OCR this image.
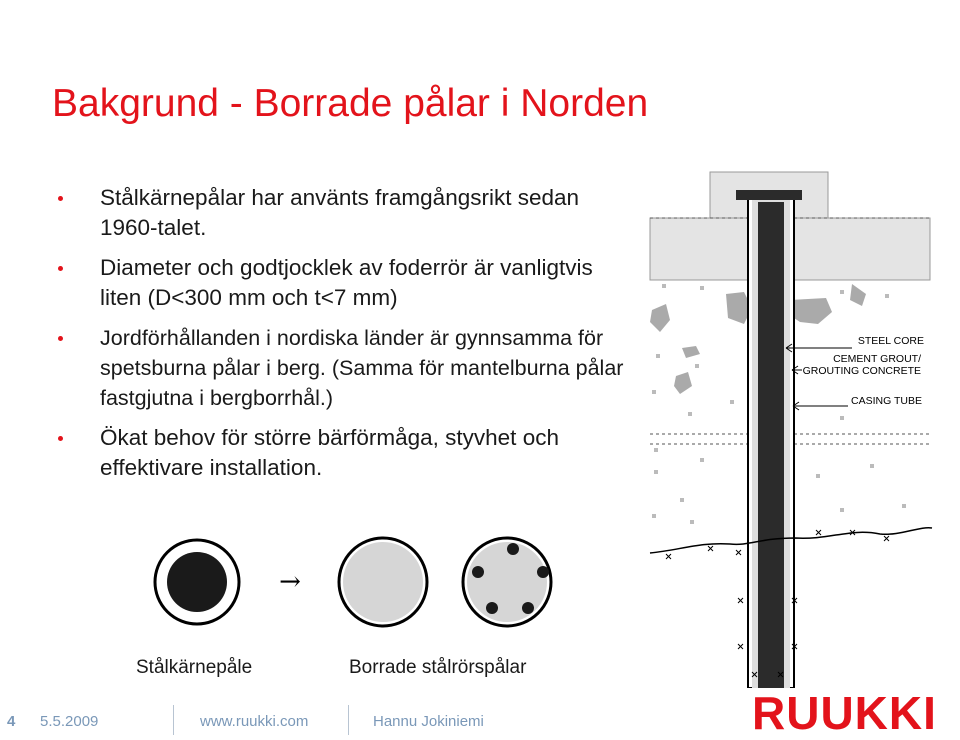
Bakgrund - Borrade pålar i Norden
Stålkärnepålar har använts framgångsrikt sedan 1960-talet.
Diameter och godtjocklek av foderrör är vanligtvis liten (D<300 mm och t<7 mm)
Jordförhållanden i nordiska länder är gynnsamma för spetsburna pålar i berg. (Samma för mantelburna pålar fastgjutna i bergborrhål.)
Ökat behov för större bärförmåga, styvhet och effektivare installation.
→
Stålkärnepåle	Borrade stålrörspålar
STEEL CORE
CEMENT GROUT/
GROUTING CONCRETE
CASING TUBE
4 5.5.2009	www.ruukki.com	Hannu Jokiniemi	RUUKKI
